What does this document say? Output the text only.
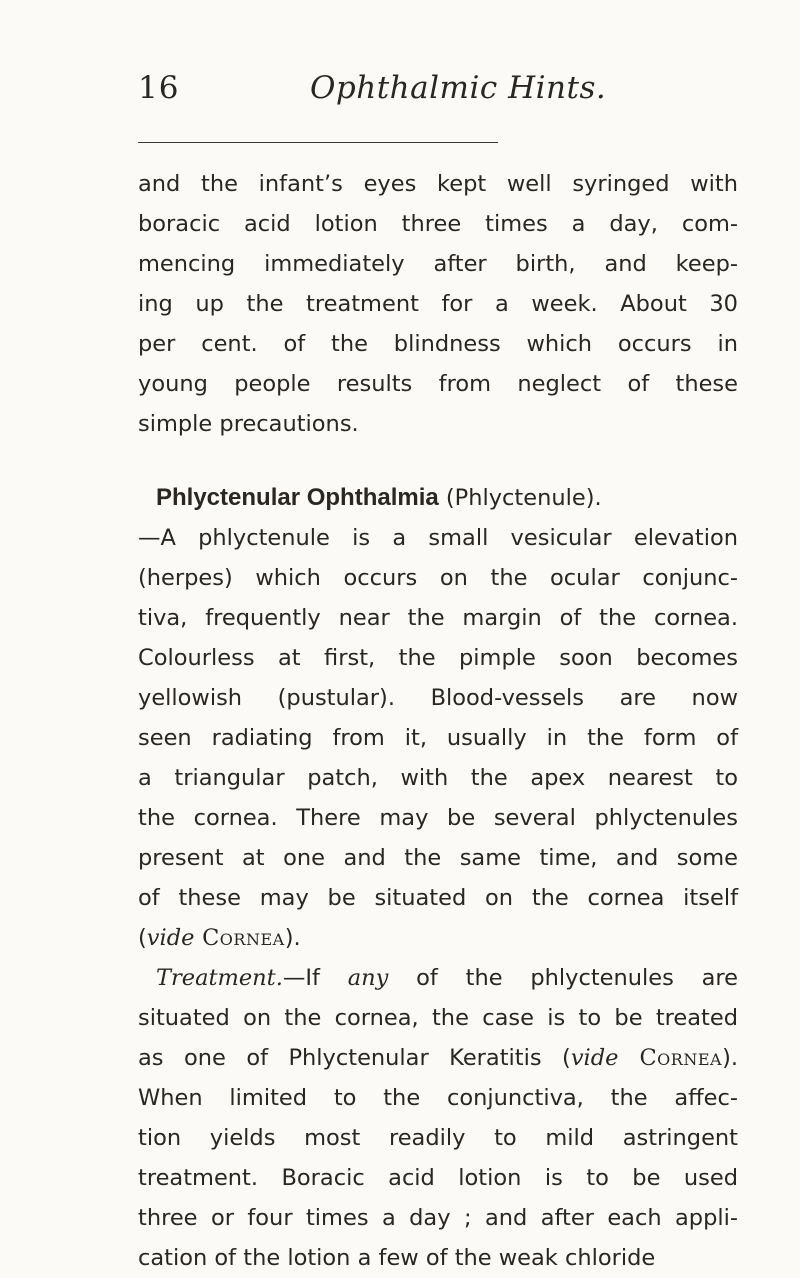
16	Ophthalmic Hints.
and the infant’s eyes kept well syringed with
boracic acid lotion three times a day, com-
mencing immediately after birth, and keep-
ing up the treatment for a week. About 30
per cent. of the blindness which occurs in
young people results from neglect of these
simple precautions.
Phlyctenular Ophthalmia (Phlyctenule).
—A phlyctenule is a small vesicular elevation
(herpes) which occurs on the ocular conjunc-
tiva, frequently near the margin of the cornea.
Colourless at first, the pimple soon becomes
yellowish (pustular). Blood-vessels are now
seen radiating from it, usually in the form of
a triangular patch, with the apex nearest to
the cornea. There may be several phlyctenules
present at one and the same time, and some
of these may be situated on the cornea itself
(vide Cornea).
Treatment.—If any of the phlyctenules are
situated on the cornea, the case is to be treated
as one of Phlyctenular Keratitis (vide Cornea).
When limited to the conjunctiva, the affec-
tion yields most readily to mild astringent
treatment. Boracic acid lotion is to be used
three or four times a day ; and after each appli-
cation of the lotion a few of the weak chloride
